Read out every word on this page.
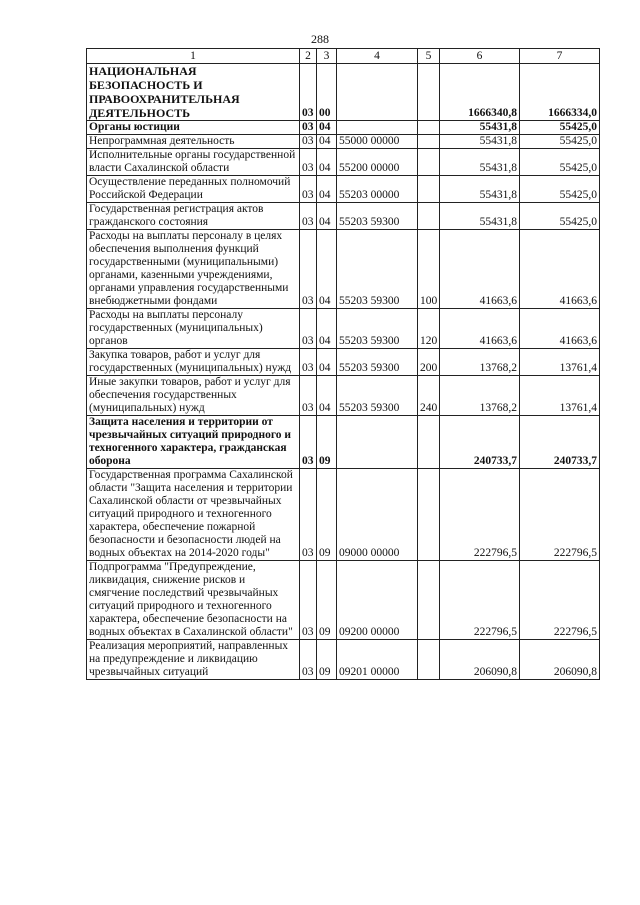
288
1	2	3	4	5	6	7
НАЦИОНАЛЬНАЯ БЕЗОПАСНОСТЬ И ПРАВООХРАНИТЕЛЬНАЯ ДЕЯТЕЛЬНОСТЬ	03	00			1666340,8	1666334,0
Органы юстиции	03	04			55431,8	55425,0
Непрограммная деятельность	03	04	55000 00000		55431,8	55425,0
Исполнительные органы государственной власти Сахалинской области	03	04	55200 00000		55431,8	55425,0
Осуществление переданных полномочий Российской Федерации	03	04	55203 00000		55431,8	55425,0
Государственная регистрация актов гражданского состояния	03	04	55203 59300		55431,8	55425,0
Расходы на выплаты персоналу в целях обеспечения выполнения функций государственными (муниципальными) органами, казенными учреждениями, органами управления государственными внебюджетными фондами	03	04	55203 59300	100	41663,6	41663,6
Расходы на выплаты персоналу государственных (муниципальных) органов	03	04	55203 59300	120	41663,6	41663,6
Закупка товаров, работ и услуг для государственных (муниципальных) нужд	03	04	55203 59300	200	13768,2	13761,4
Иные закупки товаров, работ и услуг для обеспечения государственных (муниципальных) нужд	03	04	55203 59300	240	13768,2	13761,4
Защита населения и территории от чрезвычайных ситуаций природного и техногенного характера, гражданская оборона	03	09			240733,7	240733,7
Государственная программа Сахалинской области "Защита населения и территории Сахалинской области от чрезвычайных ситуаций природного и техногенного характера, обеспечение пожарной безопасности и безопасности людей на водных объектах на 2014-2020 годы"	03	09	09000 00000		222796,5	222796,5
Подпрограмма "Предупреждение, ликвидация, снижение рисков и смягчение последствий чрезвычайных ситуаций природного и техногенного характера, обеспечение безопасности на водных объектах в Сахалинской области"	03	09	09200 00000		222796,5	222796,5
Реализация мероприятий, направленных на предупреждение и ликвидацию чрезвычайных ситуаций	03	09	09201 00000		206090,8	206090,8
